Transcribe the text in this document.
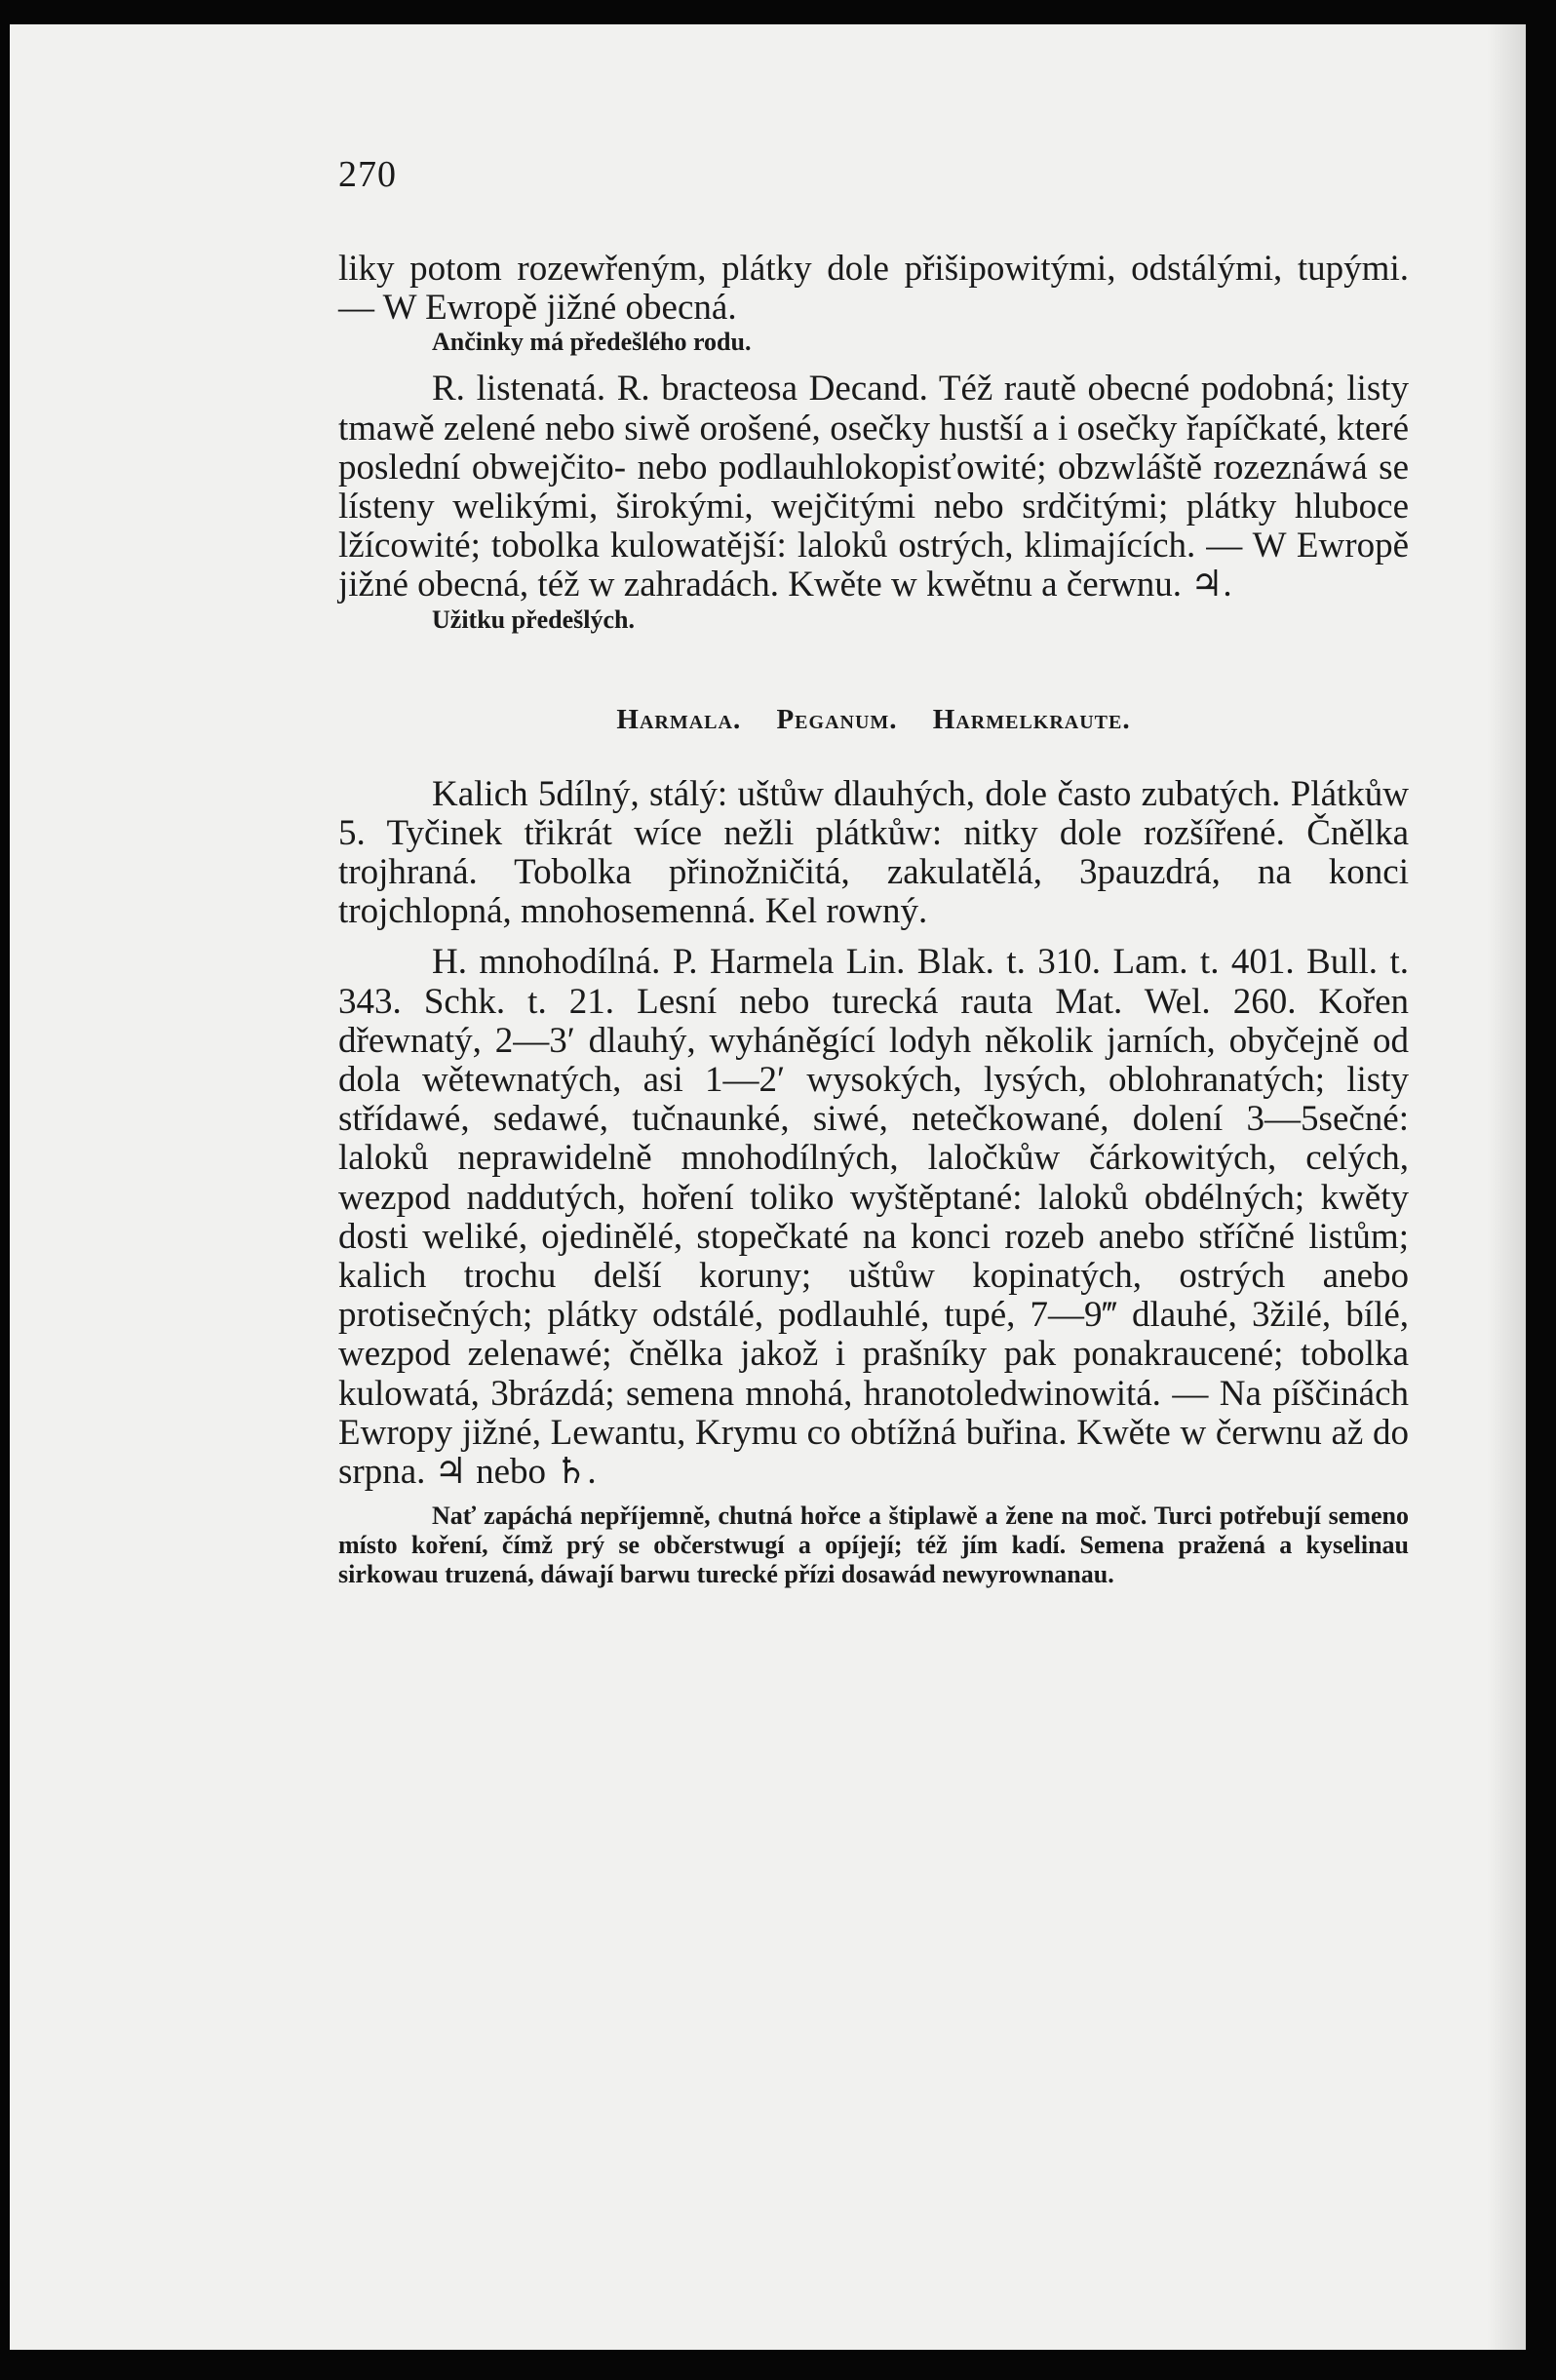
270

liky potom rozewřeným, plátky dole přišipowitými, odstálými, tupými. — W Ewropě jižné obecná.

Ančinky má předešlého rodu.

R. listenatá. R. bracteosa Decand. Též rautě obecné podobná; listy tmawě zelené nebo siwě orošené, osečky hustší a i osečky řapíčkaté, které poslední obwejčito- nebo podlauhlokopisťowité; obzwláště rozeznáwá se lísteny welikými, širokými, wejčitými nebo srdčitými; plátky hluboce lžícowité; tobolka kulowatější: laloků ostrých, klimajících. — W Ewropě jižné obecná, též w zahradách. Kwěte w kwětnu a čerwnu. ♃.

Užitku předešlých.

Harmala. Peganum. Harmelkraute.

Kalich 5dílný, stálý: uštůw dlauhých, dole často zubatých. Plátkůw 5. Tyčinek třikrát wíce nežli plátkůw: nitky dole rozšířené. Čnělka trojhraná. Tobolka přinožničitá, zakulatělá, 3pauzdrá, na konci trojchlopná, mnohosemenná. Kel rowný.

H. mnohodílná. P. Harmela Lin. Blak. t. 310. Lam. t. 401. Bull. t. 343. Schk. t. 21. Lesní nebo turecká rauta Mat. Wel. 260. Kořen dřewnatý, 2—3′ dlauhý, wyháněgící lodyh několik jarních, obyčejně od dola wětewnatých, asi 1—2′ wysokých, lysých, oblohranatých; listy střídawé, sedawé, tučnaunké, siwé, netečkowané, dolení 3—5sečné: laloků neprawidelně mnohodílných, laločkůw čárkowitých, celých, wezpod naddutých, hoření toliko wyštěptané: laloků obdélných; kwěty dosti weliké, ojedinělé, stopečkaté na konci rozeb anebo stříčné listům; kalich trochu delší koruny; uštůw kopinatých, ostrých anebo protisečných; plátky odstálé, podlauhlé, tupé, 7—9‴ dlauhé, 3žilé, bílé, wezpod zelenawé; čnělka jakož i prašníky pak ponakraucené; tobolka kulowatá, 3brázdá; semena mnohá, hranotoledwinowitá. — Na píščinách Ewropy jižné, Lewantu, Krymu co obtížná buřina. Kwěte w čerwnu až do srpna. ♃ nebo ♄.

Nať zapáchá nepříjemně, chutná hořce a štiplawě a žene na moč. Turci potřebují semeno místo koření, čímž prý se občerstwugí a opíjejí; též jím kadí. Semena pražená a kyselinau sirkowau truzená, dáwají barwu turecké přízi dosawád newyrownanau.
